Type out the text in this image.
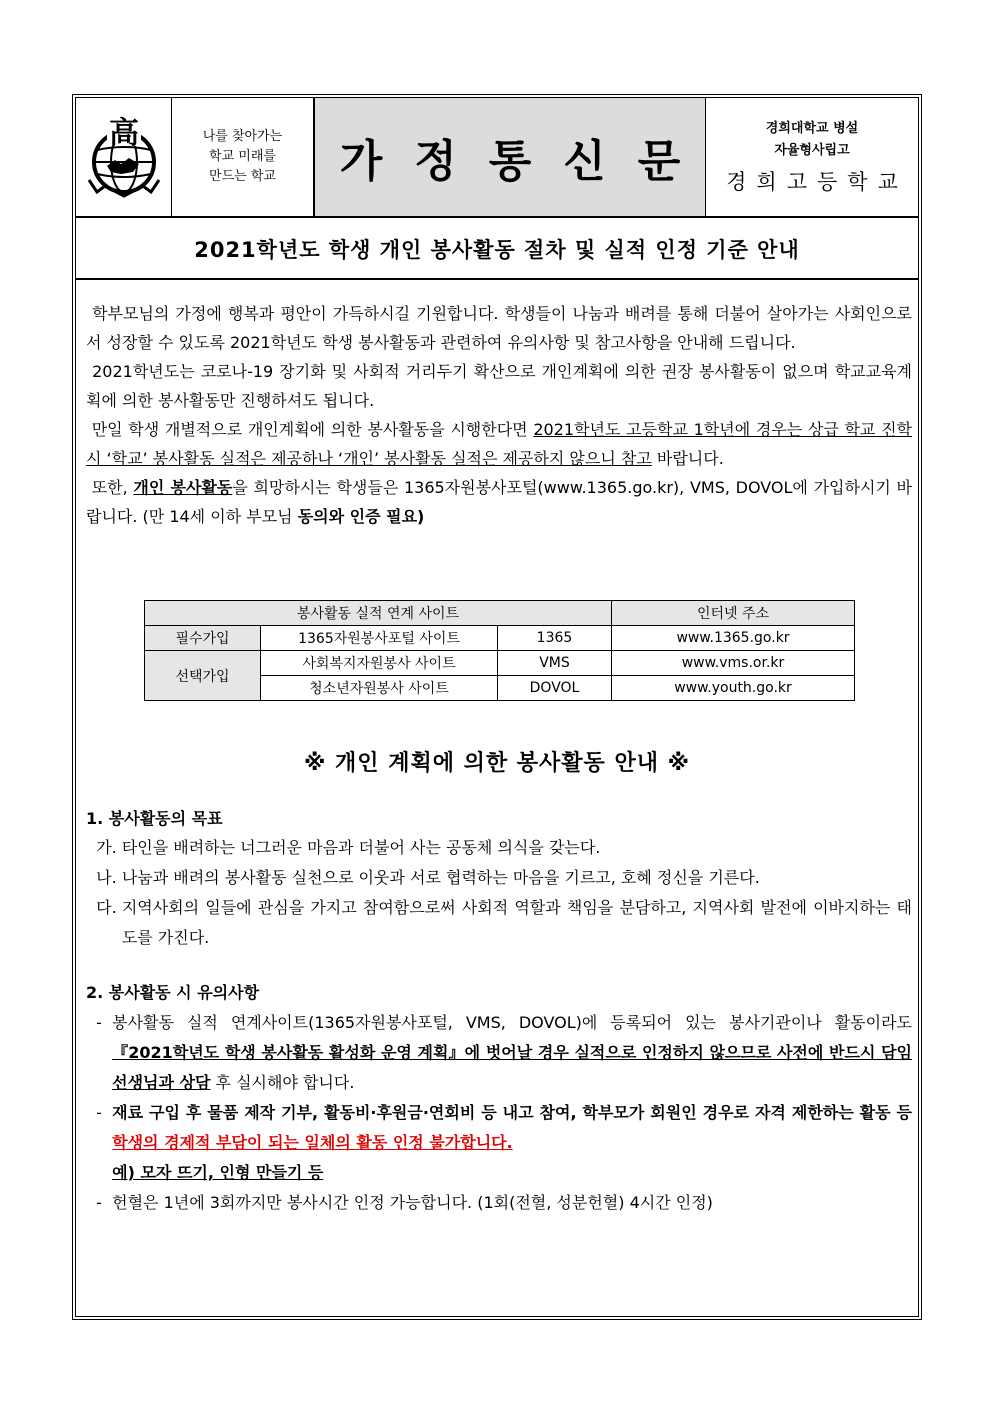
高	나를 찾아가는
학교 미래를
만드는 학교 가정통신문
경희대학교 병설
자율형사립고
경희고등학교
2021학년도 학생 개인 봉사활동 절차 및 실적 인정 기준 안내

학부모님의 가정에 행복과 평안이 가득하시길 기원합니다. 학생들이 나눔과 배려를 통해 더불어 살아가는 사회인으로서 성장할 수 있도록 2021학년도 학생 봉사활동과 관련하여 유의사항 및 참고사항을 안내해 드립니다.

2021학년도는 코로나-19 장기화 및 사회적 거리두기 확산으로 개인계획에 의한 권장 봉사활동이 없으며 학교교육계획에 의한 봉사활동만 진행하셔도 됩니다.

만일 학생 개별적으로 개인계획에 의한 봉사활동을 시행한다면 2021학년도 고등학교 1학년에 경우는 상급 학교 진학 시 ‘학교’ 봉사활동 실적은 제공하나 ‘개인’ 봉사활동 실적은 제공하지 않으니 참고 바랍니다.

또한, 개인 봉사활동을 희망하시는 학생들은 1365자원봉사포털(www.1365.go.kr), VMS, DOVOL에 가입하시기 바랍니다. (만 14세 이하 부모님 동의와 인증 필요)

봉사활동 실적 연계 사이트			인터넷 주소
필수가입	1365자원봉사포털 사이트	1365	www.1365.go.kr
선택가입	사회복지자원봉사 사이트	VMS	www.vms.or.kr
	청소년자원봉사 사이트	DOVOL	www.youth.go.kr
※ 개인 계획에 의한 봉사활동 안내 ※
1. 봉사활동의 목표

가.
타인을 배려하는 너그러운 마음과 더불어 사는 공동체 의식을 갖는다.

나.
나눔과 배려의 봉사활동 실천으로 이웃과 서로 협력하는 마음을 기르고, 호혜 정신을 기른다.

다.
지역사회의 일들에 관심을 가지고 참여함으로써 사회적 역할과 책임을 분담하고, 지역사회 발전에 이바지하는 태도를 가진다.
2. 봉사활동 시 유의사항

-
봉사활동 실적 연계사이트(1365자원봉사포털, VMS, DOVOL)에 등록되어 있는 봉사기관이나 활동이라도 『2021학년도 학생 봉사활동 활성화 운영 계획』에 벗어날 경우 실적으로 인정하지 않으므로 사전에 반드시 담임 선생님과 상담 후 실시해야 합니다.

-
재료 구입 후 물품 제작 기부, 활동비·후원금·연회비 등 내고 참여, 학부모가 회원인 경우로 자격 제한하는 활동 등 학생의 경제적 부담이 되는 일체의 활동 인정 불가합니다.
예) 모자 뜨기, 인형 만들기 등

-
헌혈은 1년에 3회까지만 봉사시간 인정 가능합니다. (1회(전혈, 성분헌혈) 4시간 인정)
